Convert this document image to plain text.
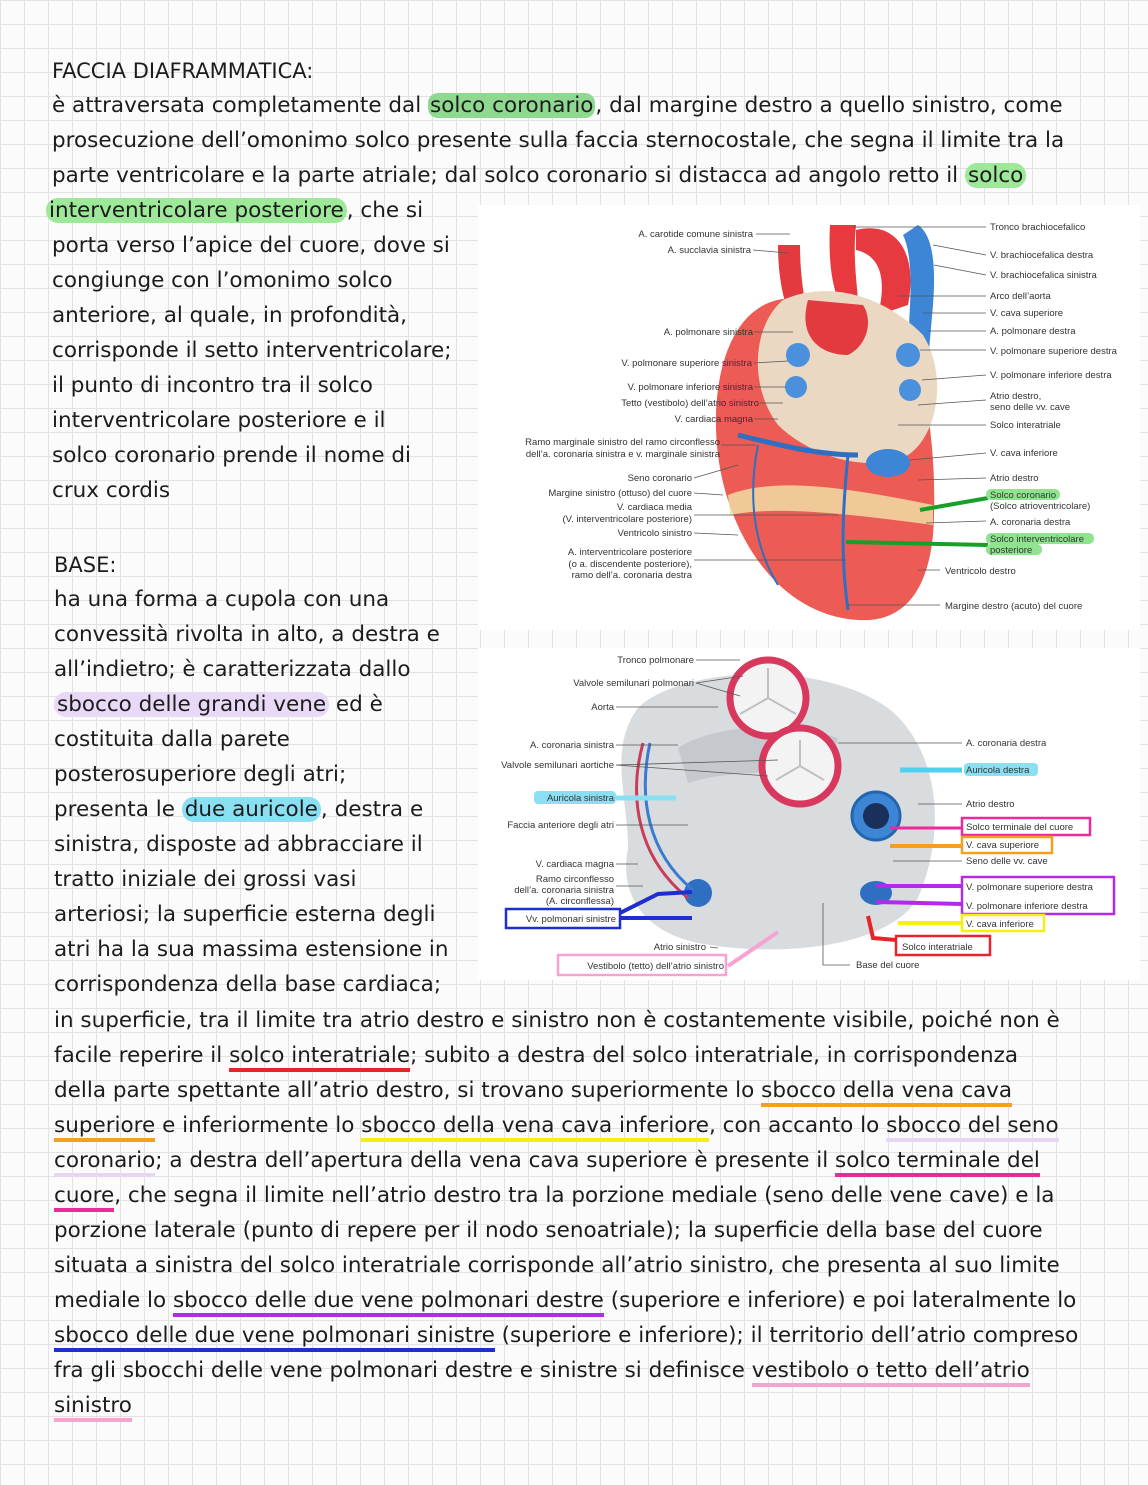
FACCIA DIAFRAMMATICA:
è attraversata completamente dal solco coronario, dal margine destro a quello sinistro, come
prosecuzione dell’omonimo solco presente sulla faccia sternocostale, che segna il limite tra la
parte ventricolare e la parte atriale; dal solco coronario si distacca ad angolo retto il solco
interventricolare posteriore , che si
porta verso l’apice del cuore, dove si
congiunge con l’omonimo solco
anteriore, al quale, in profondità,
corrisponde il setto interventricolare;
il punto di incontro tra il solco
interventricolare posteriore e il
solco coronario prende il nome di
crux cordis
BASE:
ha una forma a cupola con una
convessità rivolta in alto, a destra e
all’indietro; è caratterizzata dallo
sbocco delle grandi vene ed è
costituita dalla parete
posterosuperiore degli atri;
presenta le due auricole , destra e
sinistra, disposte ad abbracciare il
tratto iniziale dei grossi vasi
arteriosi; la superficie esterna degli
atri ha la sua massima estensione in
corrispondenza della base cardiaca;
in superficie, tra il limite tra atrio destro e sinistro non è costantemente visibile, poiché non è
facile reperire il solco interatriale; subito a destra del solco interatriale, in corrispondenza
della parte spettante all’atrio destro, si trovano superiormente lo sbocco della vena cava
superiore e inferiormente lo sbocco della vena cava inferiore, con accanto lo sbocco del seno
coronario; a destra dell’apertura della vena cava superiore è presente il solco terminale del
cuore, che segna il limite nell’atrio destro tra la porzione mediale (seno delle vene cave) e la
porzione laterale (punto di repere per il nodo senoatriale); la superficie della base del cuore
situata a sinistra del solco interatriale corrisponde all’atrio sinistro, che presenta al suo limite
mediale lo sbocco delle due vene polmonari destre (superiore e inferiore) e poi lateralmente lo
sbocco delle due vene polmonari sinistre (superiore e inferiore); il territorio dell’atrio compreso
fra gli sbocchi delle vene polmonari destre e sinistre si definisce vestibolo o tetto dell’atrio
sinistro
A. carotide comune sinistra
A. succlavia sinistra
A. polmonare sinistra
V. polmonare superiore sinistra
V. polmonare inferiore sinistra
Tetto (vestibolo) dell’atrio sinistro
V. cardiaca magna
Ramo marginale sinistro del ramo circonflesso
dell’a. coronaria sinistra e v. marginale sinistra
Seno coronario
Margine sinistro (ottuso) del cuore
V. cardiaca media
(V. interventricolare posteriore)
Ventricolo sinistro
A. interventricolare posteriore
(o a. discendente posteriore),
ramo dell’a. coronaria destra
Tronco brachiocefalico
V. brachiocefalica destra
V. brachiocefalica sinistra
Arco dell’aorta
V. cava superiore
A. polmonare destra
V. polmonare superiore destra
V. polmonare inferiore destra
Atrio destro,
seno delle vv. cave
Solco interatriale
V. cava inferiore
Atrio destro
Solco coronario
(Solco atrioventricolare)
A. coronaria destra
Solco interventricolare
posteriore
Ventricolo destro
Margine destro (acuto) del cuore
Tronco polmonare
Valvole semilunari polmonari
Aorta
A. coronaria sinistra
Valvole semilunari aortiche
Auricola sinistra
Faccia anteriore degli atri
V. cardiaca magna
Ramo circonflesso
dell’a. coronaria sinistra
(A. circonflessa)
Vv. polmonari sinistre
Atrio sinistro
Vestibolo (tetto) dell’atrio sinistro
A. coronaria destra
Auricola destra
Atrio destro
Solco terminale del cuore
V. cava superiore
Seno delle vv. cave
V. polmonare superiore destra
V. polmonare inferiore destra
V. cava inferiore
Solco interatriale
Base del cuore
